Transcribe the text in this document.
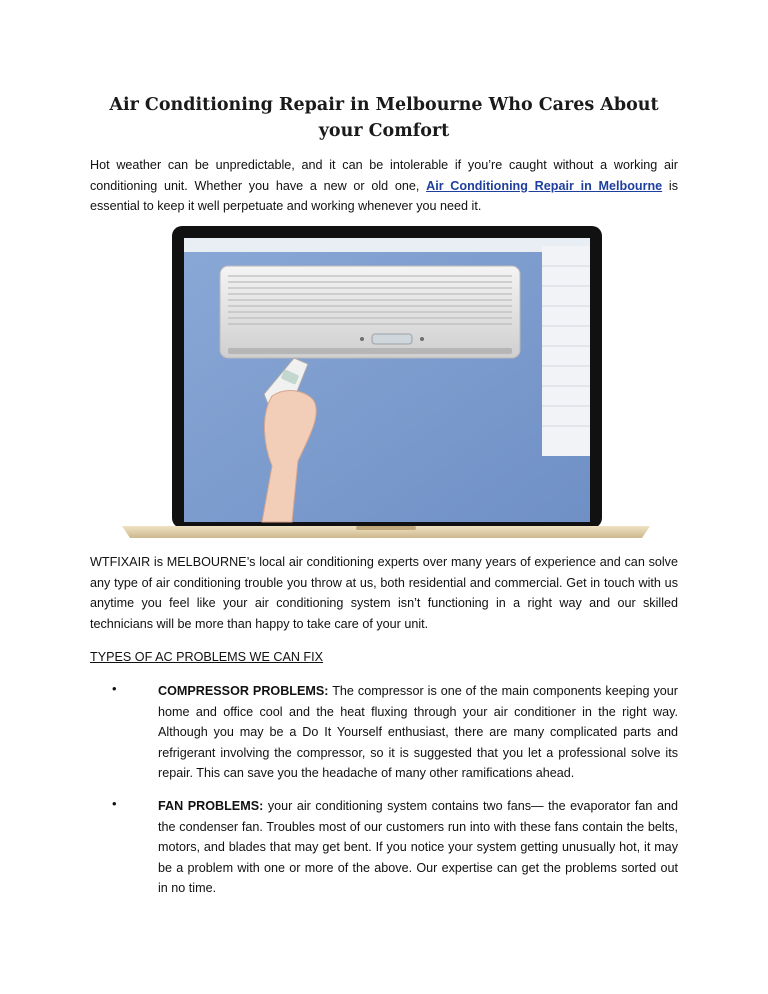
Air Conditioning Repair in Melbourne Who Cares About your Comfort

Hot weather can be unpredictable, and it can be intolerable if you’re caught without a working air conditioning unit. Whether you have a new or old one, Air Conditioning Repair in Melbourne is essential to keep it well perpetuate and working whenever you need it.

WTFIXAIR is MELBOURNE’s local air conditioning experts over many years of experience and can solve any type of air conditioning trouble you throw at us, both residential and commercial. Get in touch with us anytime you feel like your air conditioning system isn’t functioning in a right way and our skilled technicians will be more than happy to take care of your unit.

TYPES OF AC PROBLEMS WE CAN FIX

•	COMPRESSOR PROBLEMS: The compressor is one of the main components keeping your home and office cool and the heat fluxing through your air conditioner in the right way. Although you may be a Do It Yourself enthusiast, there are many complicated parts and refrigerant involving the compressor, so it is suggested that you let a professional solve its repair. This can save you the headache of many other ramifications ahead.

•	FAN PROBLEMS: your air conditioning system contains two fans— the evaporator fan and the condenser fan. Troubles most of our customers run into with these fans contain the belts, motors, and blades that may get bent. If you notice your system getting unusually hot, it may be a problem with one or more of the above. Our expertise can get the problems sorted out in no time.
